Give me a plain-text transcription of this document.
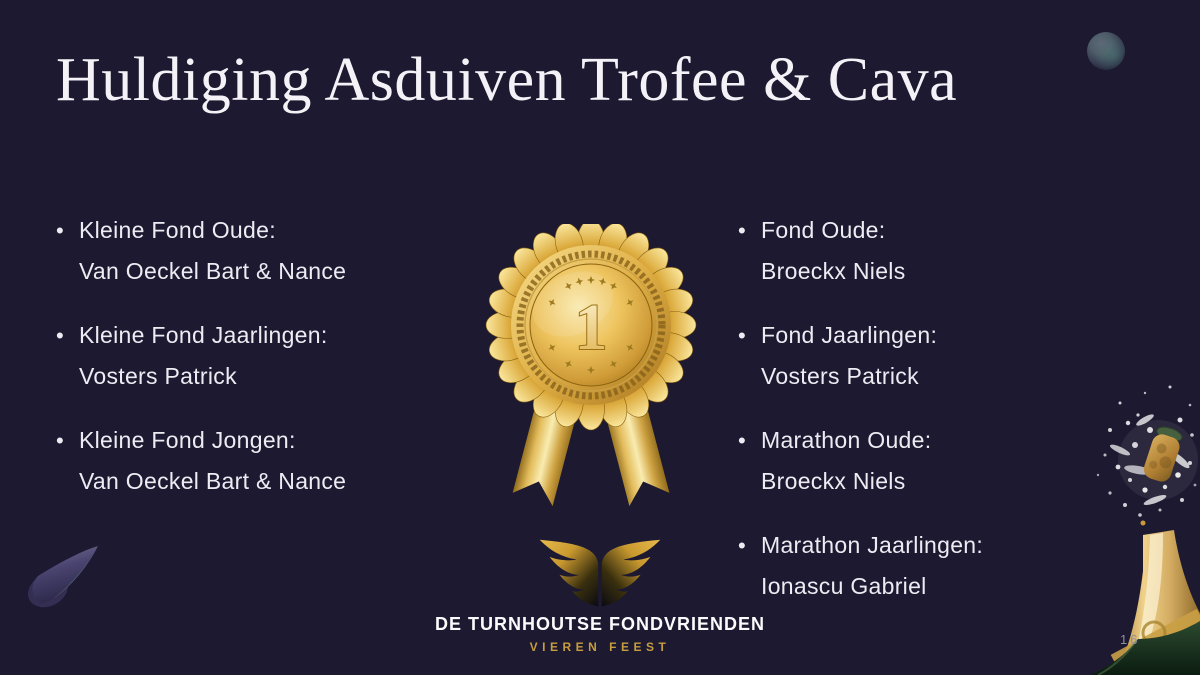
Huldiging Asduiven Trofee & Cava
• Kleine Fond Oude:
Van Oeckel Bart & Nance
• Kleine Fond Jaarlingen:
Vosters Patrick
• Kleine Fond Jongen:
Van Oeckel Bart & Nance
• Fond Oude:
Broeckx Niels
• Fond Jaarlingen:
Vosters Patrick
• Marathon Oude:
Broeckx Niels
• Marathon Jaarlingen:
Ionascu Gabriel
1
DE TURNHOUTSE FONDVRIENDEN
VIEREN FEEST	16
